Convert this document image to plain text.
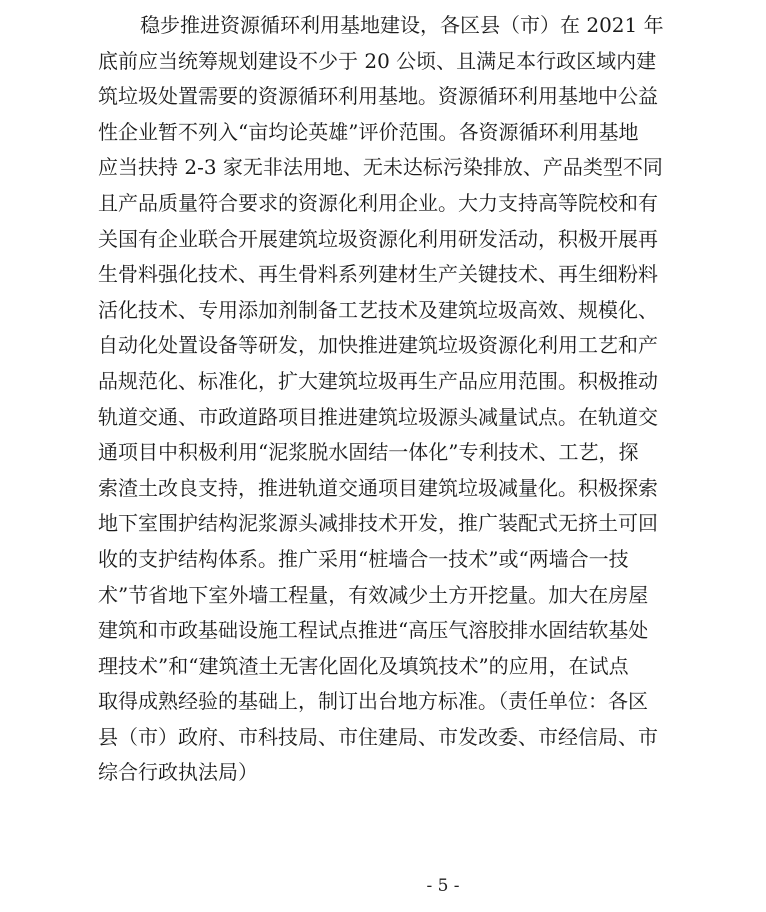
稳步推进资源循环利用基地建设，各区县（市）在 2021 年
底前应当统筹规划建设不少于 20 公顷、且满足本行政区域内建
筑垃圾处置需要的资源循环利用基地。资源循环利用基地中公益
性企业暂不列入“亩均论英雄”评价范围。各资源循环利用基地
应当扶持 2-3 家无非法用地、无未达标污染排放、产品类型不同
且产品质量符合要求的资源化利用企业。大力支持高等院校和有
关国有企业联合开展建筑垃圾资源化利用研发活动，积极开展再
生骨料强化技术、再生骨料系列建材生产关键技术、再生细粉料
活化技术、专用添加剂制备工艺技术及建筑垃圾高效、规模化、
自动化处置设备等研发，加快推进建筑垃圾资源化利用工艺和产
品规范化、标准化，扩大建筑垃圾再生产品应用范围。积极推动
轨道交通、市政道路项目推进建筑垃圾源头减量试点。在轨道交
通项目中积极利用“泥浆脱水固结一体化”专利技术、工艺，探
索渣土改良支持，推进轨道交通项目建筑垃圾减量化。积极探索
地下室围护结构泥浆源头减排技术开发，推广装配式无挤土可回
收的支护结构体系。推广采用“桩墙合一技术”或“两墙合一技
术”节省地下室外墙工程量，有效减少土方开挖量。加大在房屋
建筑和市政基础设施工程试点推进“高压气溶胶排水固结软基处
理技术”和“建筑渣土无害化固化及填筑技术”的应用，在试点
取得成熟经验的基础上，制订出台地方标准。（责任单位：各区
县（市）政府、市科技局、市住建局、市发改委、市经信局、市
综合行政执法局）
- 5 -
